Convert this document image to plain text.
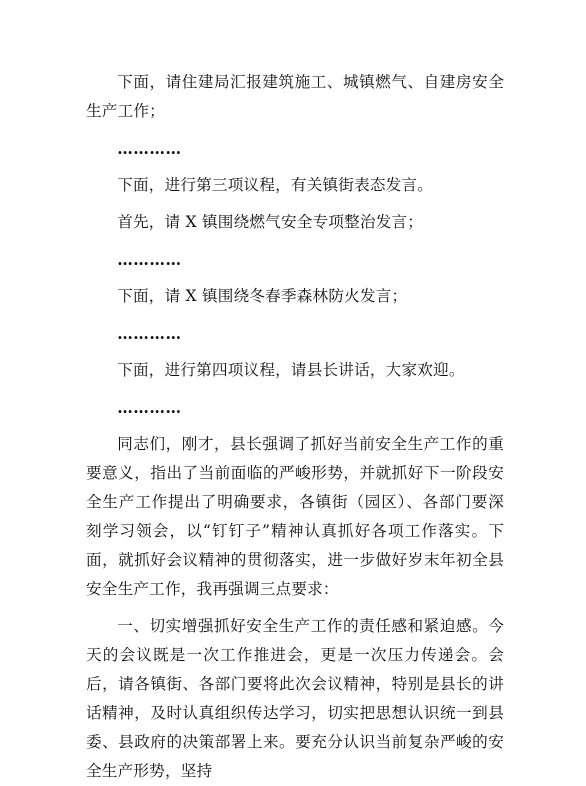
下面，请住建局汇报建筑施工、城镇燃气、自建房安全生产工作；

…………

下面，进行第三项议程，有关镇街表态发言。

首先，请 X 镇围绕燃气安全专项整治发言；

…………

下面，请 X 镇围绕冬春季森林防火发言；

…………

下面，进行第四项议程，请县长讲话，大家欢迎。

…………

同志们，刚才，县长强调了抓好当前安全生产工作的重要意义，指出了当前面临的严峻形势，并就抓好下一阶段安全生产工作提出了明确要求，各镇街（园区）、各部门要深刻学习领会，以“钉钉子”精神认真抓好各项工作落实。下面，就抓好会议精神的贯彻落实，进一步做好岁末年初全县安全生产工作，我再强调三点要求：

一、切实增强抓好安全生产工作的责任感和紧迫感。今天的会议既是一次工作推进会，更是一次压力传递会。会后，请各镇街、各部门要将此次会议精神，特别是县长的讲话精神，及时认真组织传达学习，切实把思想认识统一到县委、县政府的决策部署上来。要充分认识当前复杂严峻的安全生产形势，坚持
